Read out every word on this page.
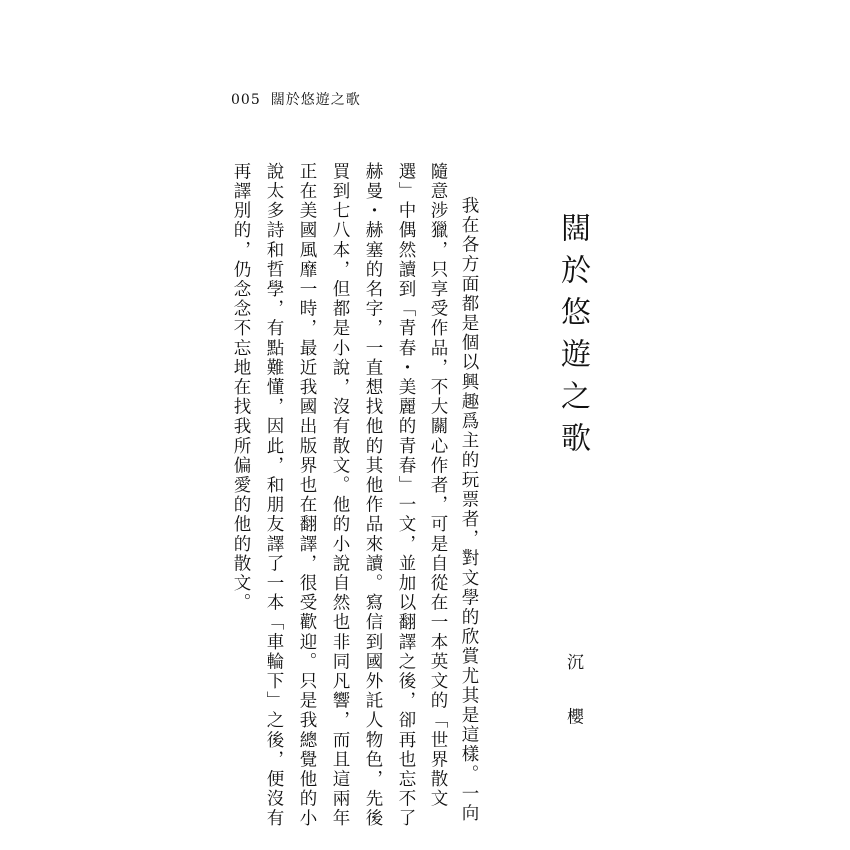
005 闊於悠遊之歌
闊於悠遊之歌
沉 櫻
我在各方面都是個以興趣爲主的玩票者，對文學的欣賞尤其是這樣。一向
隨意涉獵，只享受作品，不大關心作者，可是自從在一本英文的「世界散文
選」中偶然讀到「青春・美麗的青春」一文，並加以翻譯之後，卻再也忘不了
赫曼・赫塞的名字，一直想找他的其他作品來讀。寫信到國外託人物色，先後
買到七八本，但都是小說，沒有散文。他的小說自然也非同凡響，而且這兩年
正在美國風靡一時，最近我國出版界也在翻譯，很受歡迎。只是我總覺他的小
說太多詩和哲學，有點難懂，因此，和朋友譯了一本「車輪下」之後，便沒有
再譯別的，仍念念不忘地在找我所偏愛的他的散文。
